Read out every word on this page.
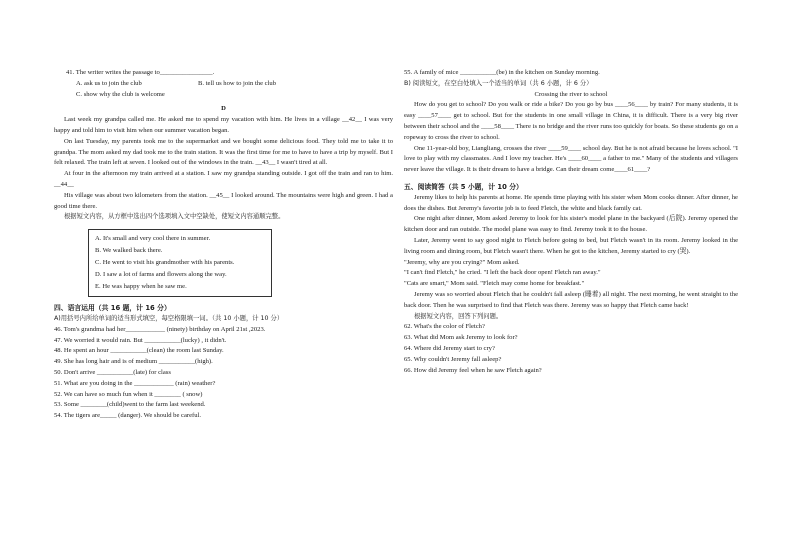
41. The writer writes the passage to________________.

A. ask us to join the club	B. tell us how to join the club

C. show why the club is welcome

D

Last week my grandpa called me. He asked me to spend my vacation with him. He lives in a village __42__ I was very happy and told him to visit him when our summer vacation began.

On last Tuesday, my parents took me to the supermarket and we bought some delicious food. They told me to take it to grandpa. The mom asked my dad took me to the train station. It was the first time for me to have to have a trip by myself. But I felt relaxed. The train left at seven. I looked out of the windows in the train. __43__ I wasn't tired at all.

At four in the afternoon my train arrived at a station. I saw my grandpa standing outside. I got off the train and ran to him. __44__

His village was about two kilometers from the station. __45__ I looked around. The mountains were high and green. I had a good time there.

根据短文内容，从方框中选出四个选项填入文中空缺处，使短文内容通顺完整。

A. It's small and very cool there in summer.

B. We walked back there.

C. He went to visit his grandmother with his parents.

D. I saw a lot of farms and flowers along the way.

E. He was happy when he saw me.

四、语言运用（共 16 题，计 16 分）

A)用括号内所给单词的适当形式填空，每空格限填一词。（共 10 小题，计 10 分）

46. Tom's grandma had her____________ (ninety) birthday on April 21st ,2023.

47. We worried it would rain. But ___________(lucky) , it didn't.

48. He spent an hour ___________(clean) the room last Sunday.

49. She has long hair and is of medium ___________(high).

50. Don't arrive ___________(late) for class

51. What are you doing in the ____________ (rain) weather?

52. We can have so much fun when it ________ ( snow)

53. Some ________(child)went to the farm last weekend.

54. The tigers are_____ (danger). We should be careful.

55. A family of mice ___________(be) in the kitchen on Sunday morning.

B) 阅读短文，在空白处填入一个适当的单词（共 6 小题，计 6 分）

Crossing the river to school

How do you get to school? Do you walk or ride a bike? Do you go by bus ____56____ by train? For many students, it is easy ____57____ get to school. But for the students in one small village in China, it is difficult. There is a very big river between their school and the ____58____ There is no bridge and the river runs too quickly for boats. So these students go on a ropeway to cross the river to school.

One 11-year-old boy, Liangliang, crosses the river ____59____ school day. But he is not afraid because he loves school. "I love to play with my classmates. And I love my teacher. He's ____60____ a father to me." Many of the students and villagers never leave the village. It is their dream to have a bridge. Can their dream come____61____?

五、阅读简答（共 5 小题，计 10 分）

Jeremy likes to help his parents at home. He spends time playing with his sister when Mom cooks dinner. After dinner, he does the dishes. But Jeremy's favorite job is to feed Fletch, the white and black family cat.

One night after dinner, Mom asked Jeremy to look for his sister's model plane in the backyard (后院). Jeremy opened the kitchen door and ran outside. The model plane was easy to find. Jeremy took it to the house.

Later, Jeremy went to say good night to Fletch before going to bed, but Fletch wasn't in its room. Jeremy looked in the living room and dining room, but Fletch wasn't there. When he got to the kitchen, Jeremy started to cry (哭).

"Jeremy, why are you crying?" Mom asked.

"I can't find Fletch," he cried. "I left the back door open! Fletch ran away."

"Cats are smart," Mom said. "Fletch may come home for breakfast."

Jeremy was so worried about Fletch that he couldn't fall asleep (睡着) all night. The next morning, he went straight to the back door. Then he was surprised to find that Fletch was there. Jeremy was so happy that Fletch came back!

根据短文内容，回答下列问题。

62. What's the color of Fletch?

63. What did Mom ask Jeremy to look for?

64. Where did Jeremy start to cry?

65. Why couldn't Jeremy fall asleep?

66. How did Jeremy feel when he saw Fletch again?
